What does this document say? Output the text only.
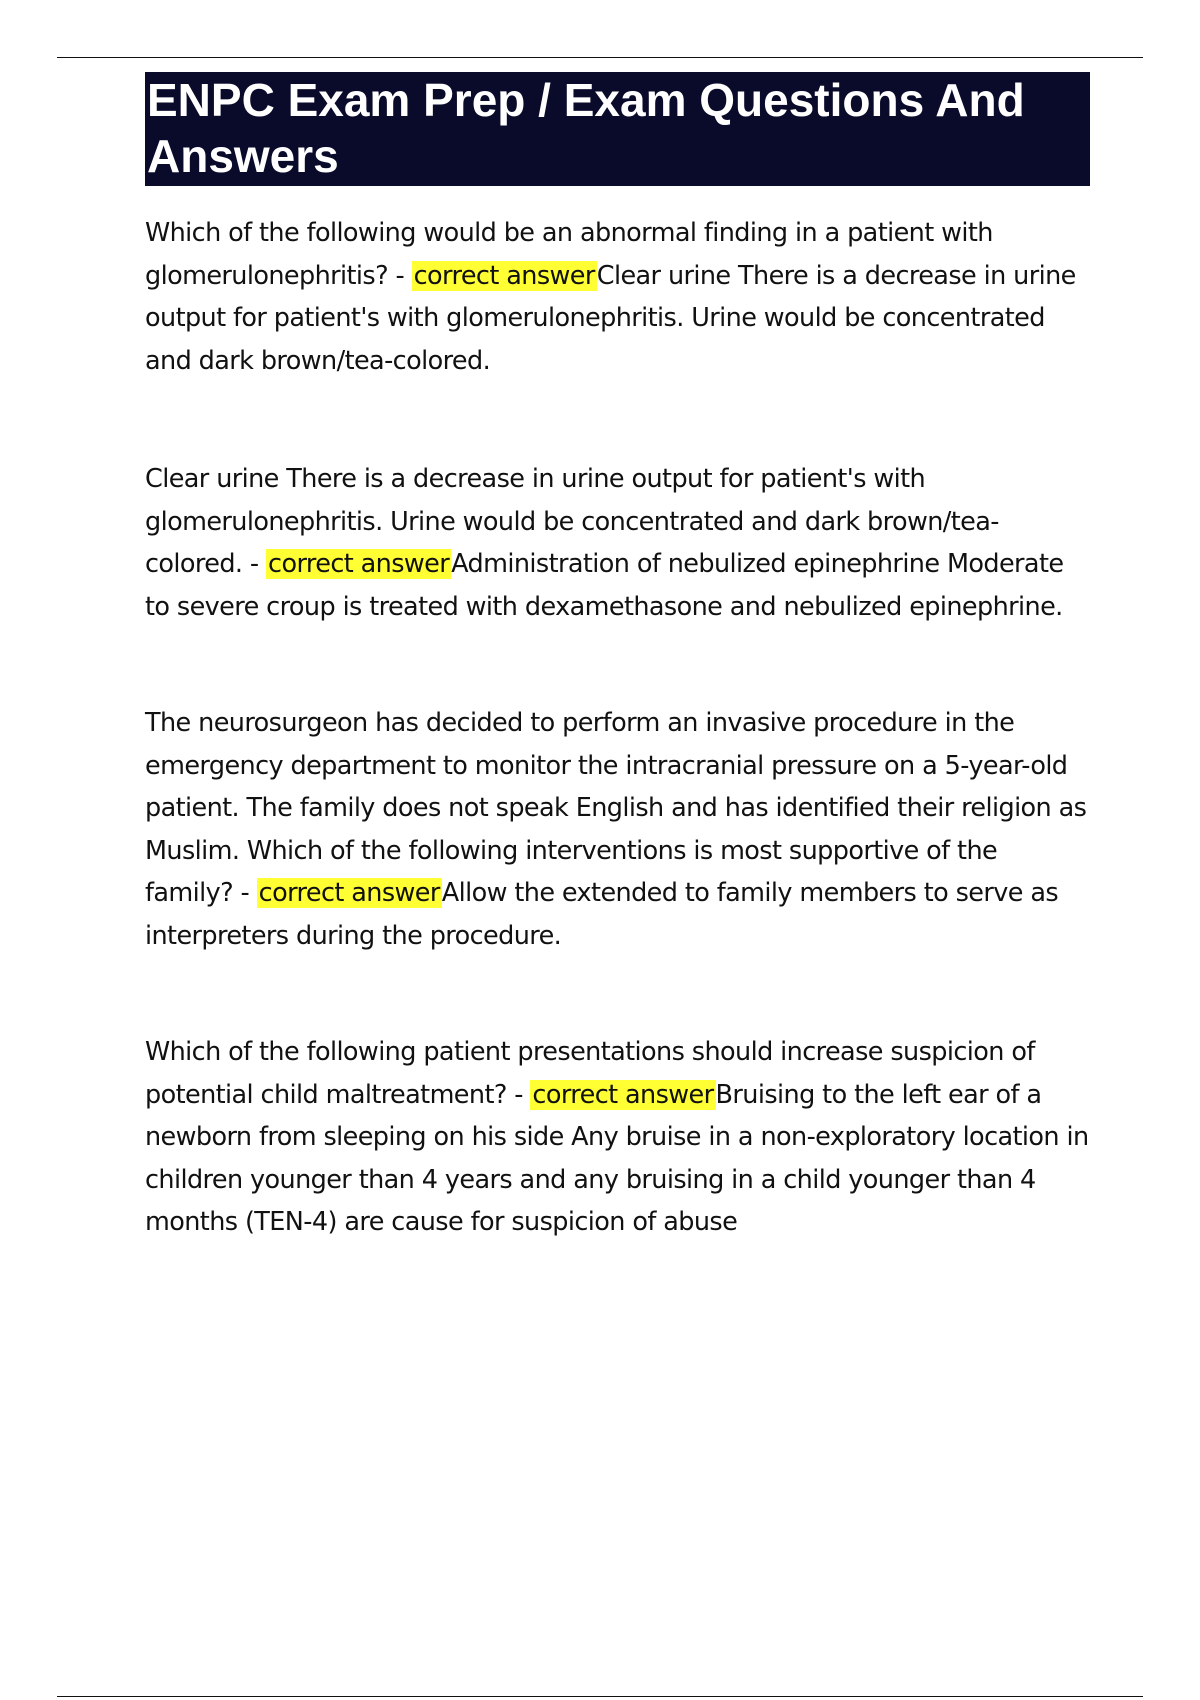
ENPC Exam Prep / Exam Questions And Answers

Which of the following would be an abnormal finding in a patient with glomerulonephritis? - correct answerClear urine There is a decrease in urine output for patient's with glomerulonephritis. Urine would be concentrated and dark brown/tea-colored.

Clear urine There is a decrease in urine output for patient's with glomerulonephritis. Urine would be concentrated and dark brown/tea-colored. - correct answerAdministration of nebulized epinephrine Moderate to severe croup is treated with dexamethasone and nebulized epinephrine.

The neurosurgeon has decided to perform an invasive procedure in the emergency department to monitor the intracranial pressure on a 5-year-old patient. The family does not speak English and has identified their religion as Muslim. Which of the following interventions is most supportive of the family? - correct answerAllow the extended to family members to serve as interpreters during the procedure.

Which of the following patient presentations should increase suspicion of potential child maltreatment? - correct answerBruising to the left ear of a newborn from sleeping on his side Any bruise in a non-exploratory location in children younger than 4 years and any bruising in a child younger than 4 months (TEN-4) are cause for suspicion of abuse
